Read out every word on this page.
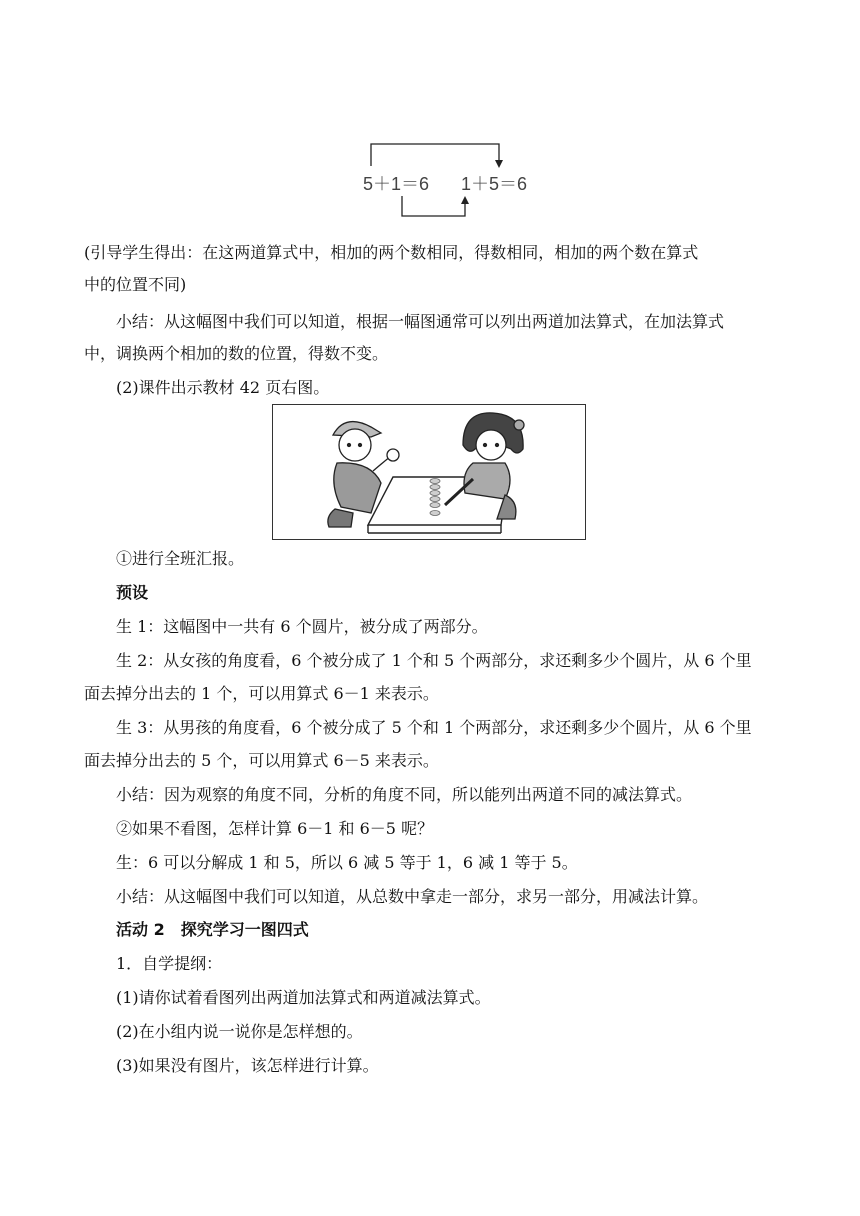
5＋1＝6 1＋5＝6
(引导学生得出：在这两道算式中，相加的两个数相同，得数相同，相加的两个数在算式
中的位置不同)
小结：从这幅图中我们可以知道，根据一幅图通常可以列出两道加法算式，在加法算式
中，调换两个相加的数的位置，得数不变。
(2)课件出示教材 42 页右图。
①进行全班汇报。
预设
生 1：这幅图中一共有 6 个圆片，被分成了两部分。
生 2：从女孩的角度看，6 个被分成了 1 个和 5 个两部分，求还剩多少个圆片，从 6 个里
面去掉分出去的 1 个，可以用算式 6－1 来表示。
生 3：从男孩的角度看，6 个被分成了 5 个和 1 个两部分，求还剩多少个圆片，从 6 个里
面去掉分出去的 5 个，可以用算式 6－5 来表示。
小结：因为观察的角度不同，分析的角度不同，所以能列出两道不同的减法算式。
②如果不看图，怎样计算 6－1 和 6－5 呢？
生：6 可以分解成 1 和 5，所以 6 减 5 等于 1，6 减 1 等于 5。
小结：从这幅图中我们可以知道，从总数中拿走一部分，求另一部分，用减法计算。
活动 2　探究学习一图四式
1．自学提纲：
(1)请你试着看图列出两道加法算式和两道减法算式。
(2)在小组内说一说你是怎样想的。
(3)如果没有图片，该怎样进行计算。
